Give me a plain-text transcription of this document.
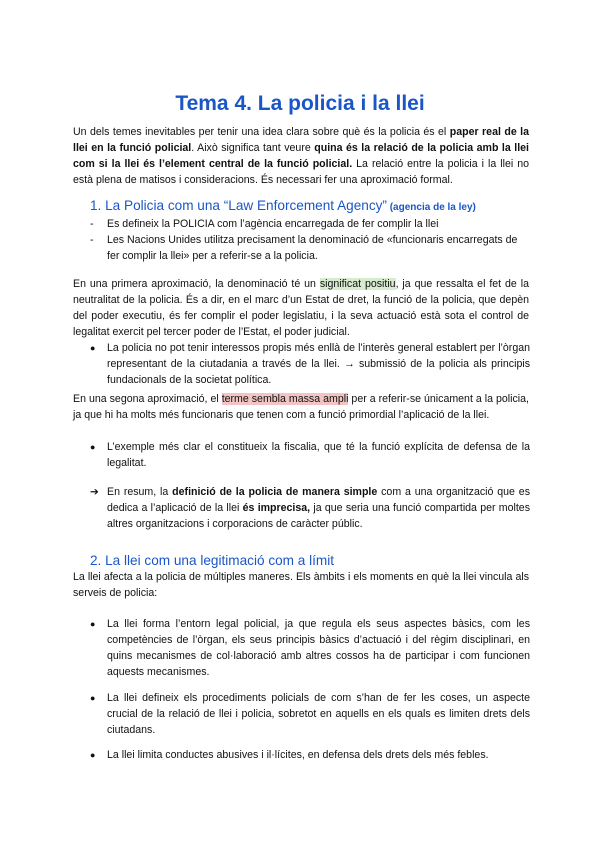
Tema 4. La policia i la llei

Un dels temes inevitables per tenir una idea clara sobre què és la policia és el paper real de la llei en la funció policial. Això significa tant veure quina és la relació de la policia amb la llei com si la llei és l’element central de la funció policial. La relació entre la policia i la llei no està plena de matisos i consideracions. És necessari fer una aproximació formal.

1. La Policia com una “Law Enforcement Agency” (agencia de la ley)
- Es defineix la POLICIA com l’agència encarregada de fer complir la llei
- Les Nacions Unides utilitza precisament la denominació de «funcionaris encarregats de fer complir la llei» per a referir-se a la policia.

En una primera aproximació, la denominació té un significat positiu, ja que ressalta el fet de la neutralitat de la policia. És a dir, en el marc d’un Estat de dret, la funció de la policia, que depèn del poder executiu, és fer complir el poder legislatiu, i la seva actuació està sota el control de legalitat exercit pel tercer poder de l’Estat, el poder judicial.

● La policia no pot tenir interessos propis més enllà de l’interès general establert per l’òrgan representant de la ciutadania a través de la llei. → submissió de la policia als principis fundacionals de la societat política.

En una segona aproximació, el terme sembla massa ampli per a referir-se únicament a la policia, ja que hi ha molts més funcionaris que tenen com a funció primordial l’aplicació de la llei.

● L’exemple més clar el constitueix la fiscalia, que té la funció explícita de defensa de la legalitat.
➔ En resum, la definició de la policia de manera simple com a una organització que es dedica a l’aplicació de la llei és imprecisa, ja que seria una funció compartida per moltes altres organitzacions i corporacions de caràcter públic.
2. La llei com una legitimació com a límit

La llei afecta a la policia de múltiples maneres. Els àmbits i els moments en què la llei vincula als serveis de policia:

● La llei forma l’entorn legal policial, ja que regula els seus aspectes bàsics, com les competències de l’òrgan, els seus principis bàsics d’actuació i del règim disciplinari, en quins mecanismes de col·laboració amb altres cossos ha de participar i com funcionen aquests mecanismes.
● La llei defineix els procediments policials de com s’han de fer les coses, un aspecte crucial de la relació de llei i policia, sobretot en aquells en els quals es limiten drets dels ciutadans.
● La llei limita conductes abusives i il·lícites, en defensa dels drets dels més febles.
